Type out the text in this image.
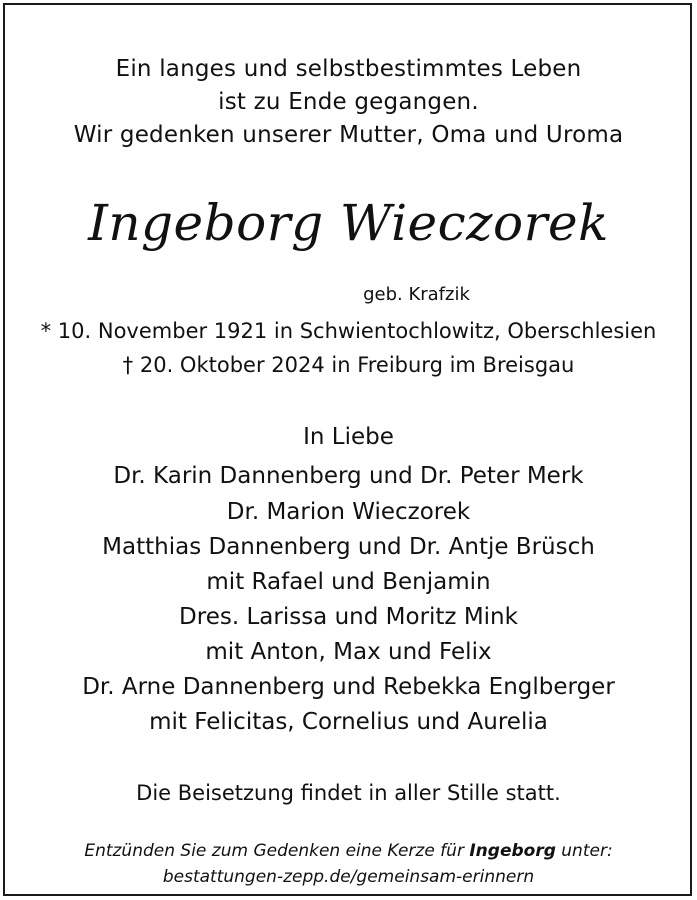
Ein langes und selbstbestimmtes Leben
ist zu Ende gegangen.
Wir gedenken unserer Mutter, Oma und Uroma
Ingeborg Wieczorek
geb. Krafzik
* 10. November 1921 in Schwientochlowitz, Oberschlesien
† 20. Oktober 2024 in Freiburg im Breisgau
In Liebe
Dr. Karin Dannenberg und Dr. Peter Merk
Dr. Marion Wieczorek
Matthias Dannenberg und Dr. Antje Brüsch
mit Rafael und Benjamin
Dres. Larissa und Moritz Mink
mit Anton, Max und Felix
Dr. Arne Dannenberg und Rebekka Englberger
mit Felicitas, Cornelius und Aurelia
Die Beisetzung findet in aller Stille statt.
Entzünden Sie zum Gedenken eine Kerze für Ingeborg unter:
bestattungen-zepp.de/gemeinsam-erinnern
